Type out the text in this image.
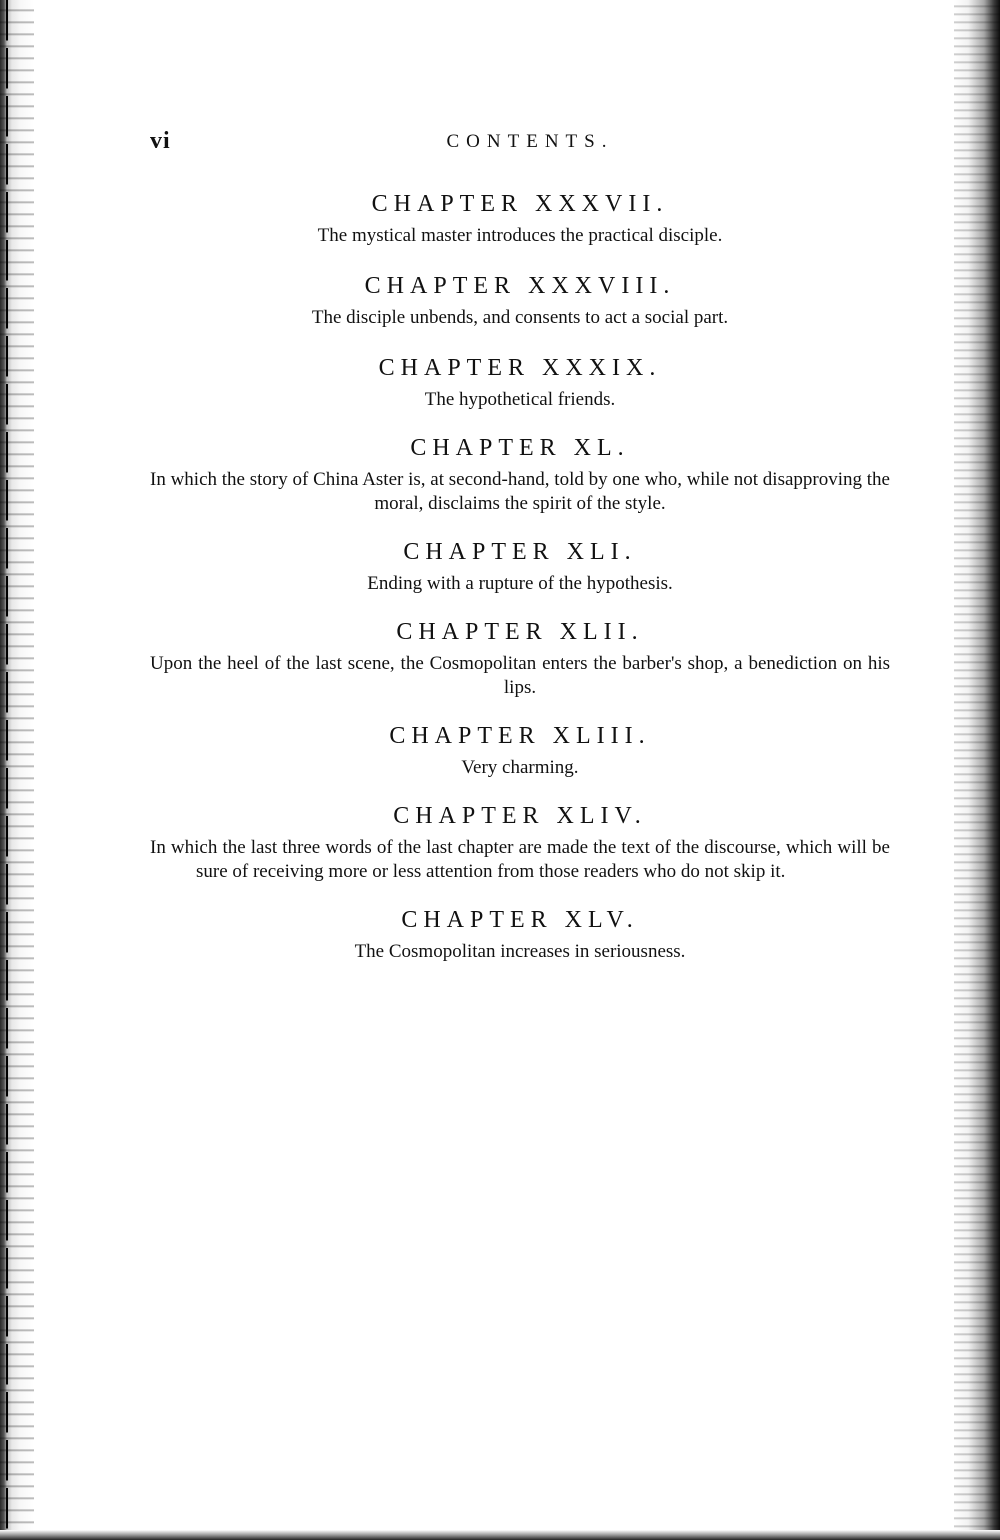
vi	CONTENTS.
CHAPTER XXXVII.

The mystical master introduces the practical disciple.

CHAPTER XXXVIII.

The disciple unbends, and consents to act a social part.

CHAPTER XXXIX.

The hypothetical friends.

CHAPTER XL.

In which the story of China Aster is, at second-hand, told by one who, while not disapproving the moral, disclaims the spirit of the style.

CHAPTER XLI.

Ending with a rupture of the hypothesis.

CHAPTER XLII.

Upon the heel of the last scene, the Cosmopolitan enters the barber's shop, a benediction on his lips.

CHAPTER XLIII.

Very charming.

CHAPTER XLIV.

In which the last three words of the last chapter are made the text of the discourse, which will be sure of receiving more or less attention from those readers who do not skip it.

CHAPTER XLV.

The Cosmopolitan increases in seriousness.
